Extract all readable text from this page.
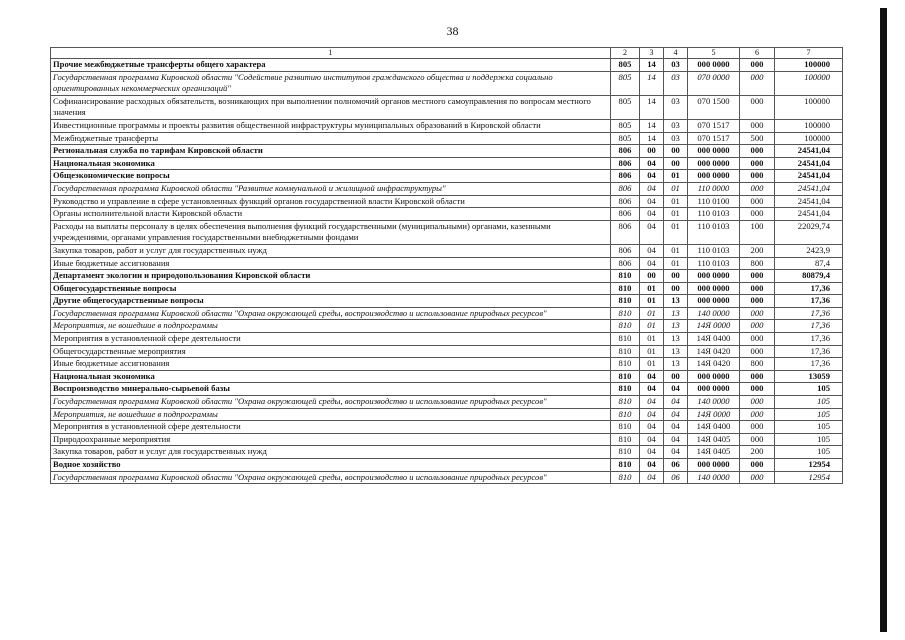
38
1	2	3	4	5	6	7
Прочие межбюджетные трансферты общего характера	805	14	03	000 0000	000	100000
Государственная программа Кировской области "Содействие развитию институтов гражданского общества и поддержка социально ориентированных некоммерческих организаций"	805	14	03	070 0000	000	100000
Софинансирование расходных обязательств, возникающих при выполнении полномочий органов местного самоуправления по вопросам местного значения	805	14	03	070 1500	000	100000
Инвестиционные программы и проекты развития общественной инфраструктуры муниципальных образований в Кировской области	805	14	03	070 1517	000	100000
Межбюджетные трансферты	805	14	03	070 1517	500	100000
Региональная служба по тарифам Кировской области	806	00	00	000 0000	000	24541,04
Национальная экономика	806	04	00	000 0000	000	24541,04
Общеэкономические вопросы	806	04	01	000 0000	000	24541,04
Государственная программа Кировской области "Развитие коммунальной и жилищной инфраструктуры"	806	04	01	110 0000	000	24541,04
Руководство и управление в сфере установленных функций органов государственной власти Кировской области	806	04	01	110 0100	000	24541,04
Органы исполнительной власти Кировской области	806	04	01	110 0103	000	24541,04
Расходы на выплаты персоналу в целях обеспечения выполнения функций государственными (муниципальными) органами, казенными учреждениями, органами управления государственными внебюджетными фондами	806	04	01	110 0103	100	22029,74
Закупка товаров, работ и услуг для государственных нужд	806	04	01	110 0103	200	2423,9
Иные бюджетные ассигнования	806	04	01	110 0103	800	87,4
Департамент экологии и природопользования Кировской области	810	00	00	000 0000	000	80879,4
Общегосударственные вопросы	810	01	00	000 0000	000	17,36
Другие общегосударственные вопросы	810	01	13	000 0000	000	17,36
Государственная программа Кировской области "Охрана окружающей среды, воспроизводство и использование природных ресурсов"	810	01	13	140 0000	000	17,36
Мероприятия, не вошедшие в подпрограммы	810	01	13	14Я 0000	000	17,36
Мероприятия в установленной сфере деятельности	810	01	13	14Я 0400	000	17,36
Общегосударственные мероприятия	810	01	13	14Я 0420	000	17,36
Иные бюджетные ассигнования	810	01	13	14Я 0420	800	17,36
Национальная экономика	810	04	00	000 0000	000	13059
Воспроизводство минерально-сырьевой базы	810	04	04	000 0000	000	105
Государственная программа Кировской области "Охрана окружающей среды, воспроизводство и использование природных ресурсов"	810	04	04	140 0000	000	105
Мероприятия, не вошедшие в подпрограммы	810	04	04	14Я 0000	000	105
Мероприятия в установленной сфере деятельности	810	04	04	14Я 0400	000	105
Природоохранные мероприятия	810	04	04	14Я 0405	000	105
Закупка товаров, работ и услуг для государственных нужд	810	04	04	14Я 0405	200	105
Водное хозяйство	810	04	06	000 0000	000	12954
Государственная программа Кировской области "Охрана окружающей среды, воспроизводство и использование природных ресурсов"	810	04	06	140 0000	000	12954
